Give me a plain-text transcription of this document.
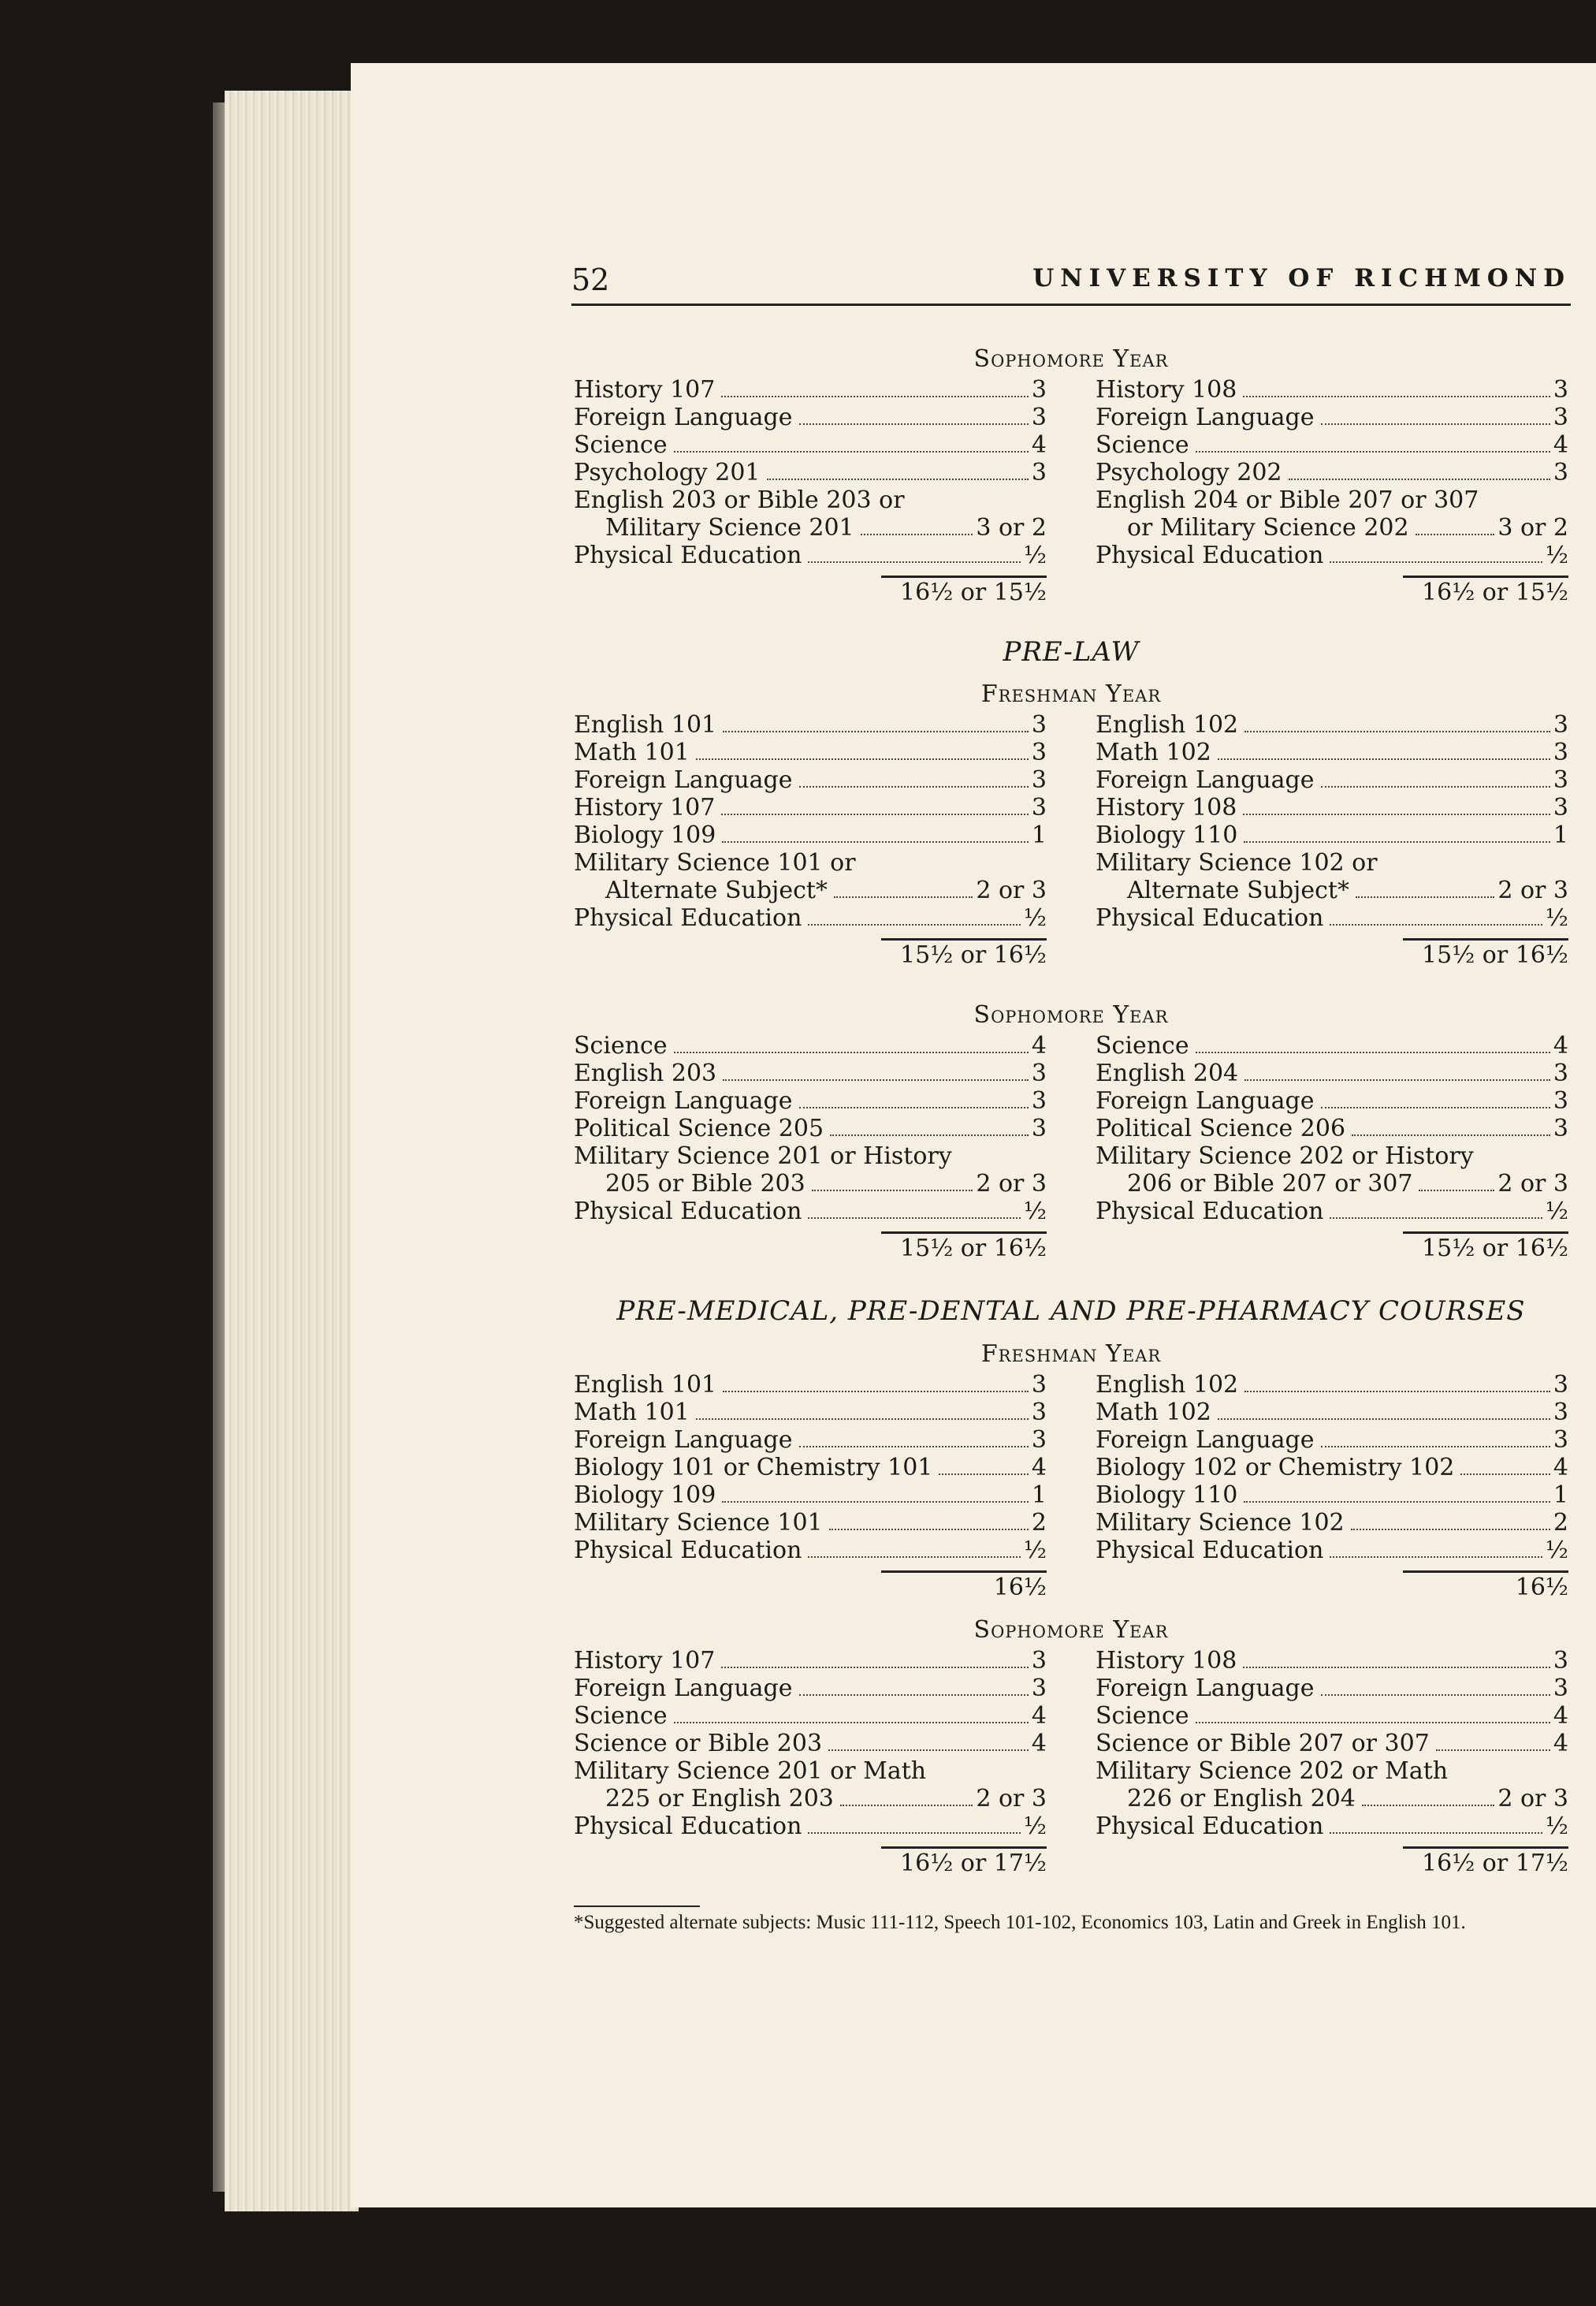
52	UNIVERSITY OF RICHMOND
Sophomore Year
History 107	3
Foreign Language	3
Science	4
Psychology 201	3
English 203 or Bible 203 or
Military Science 201	3 or 2
Physical Education	½
16½ or 15½
History 108	3
Foreign Language	3
Science	4
Psychology 202	3
English 204 or Bible 207 or 307
or Military Science 202	3 or 2
Physical Education	½
16½ or 15½
PRE-LAW
Freshman Year
English 101	3
Math 101	3
Foreign Language	3
History 107	3
Biology 109	1
Military Science 101 or
Alternate Subject*	2 or 3
Physical Education	½
15½ or 16½
English 102	3
Math 102	3
Foreign Language	3
History 108	3
Biology 110	1
Military Science 102 or
Alternate Subject*	2 or 3
Physical Education	½
15½ or 16½
Sophomore Year
Science	4
English 203	3
Foreign Language	3
Political Science 205	3
Military Science 201 or History
205 or Bible 203	2 or 3
Physical Education	½
15½ or 16½
Science	4
English 204	3
Foreign Language	3
Political Science 206	3
Military Science 202 or History
206 or Bible 207 or 307	2 or 3
Physical Education	½
15½ or 16½
PRE-MEDICAL, PRE-DENTAL AND PRE-PHARMACY COURSES
Freshman Year
English 101	3
Math 101	3
Foreign Language	3
Biology 101 or Chemistry 101	4
Biology 109	1
Military Science 101	2
Physical Education	½
16½
English 102	3
Math 102	3
Foreign Language	3
Biology 102 or Chemistry 102	4
Biology 110	1
Military Science 102	2
Physical Education	½
16½
Sophomore Year
History 107	3
Foreign Language	3
Science	4
Science or Bible 203	4
Military Science 201 or Math
225 or English 203	2 or 3
Physical Education	½
16½ or 17½
History 108	3
Foreign Language	3
Science	4
Science or Bible 207 or 307	4
Military Science 202 or Math
226 or English 204	2 or 3
Physical Education	½
16½ or 17½
*Suggested alternate subjects: Music 111-112, Speech 101-102, Economics 103, Latin and Greek in English 101.
